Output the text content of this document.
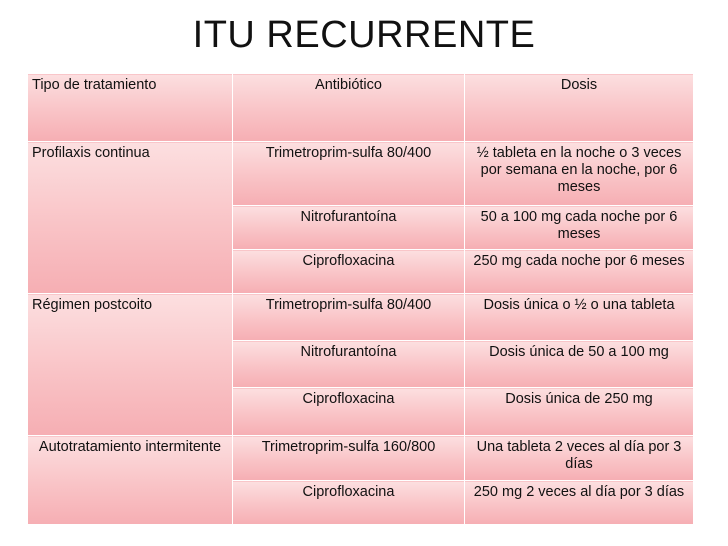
ITU RECURRENTE
Tipo de tratamiento	Antibiótico	Dosis
Profilaxis continua	Trimetroprim-sulfa 80/400	½ tableta en la noche o 3 veces por semana en la noche, por 6 meses
	Nitrofurantoína	50 a 100 mg cada noche por 6 meses
	Ciprofloxacina	250 mg cada noche por 6 meses
Régimen postcoito	Trimetroprim-sulfa 80/400	Dosis única o ½ o una tableta
	Nitrofurantoína	Dosis única de 50 a 100 mg
	Ciprofloxacina	Dosis única de 250 mg
Autotratamiento intermitente	Trimetroprim-sulfa 160/800	Una tableta 2 veces al día por 3 días
	Ciprofloxacina	250 mg 2 veces al día por 3 días
